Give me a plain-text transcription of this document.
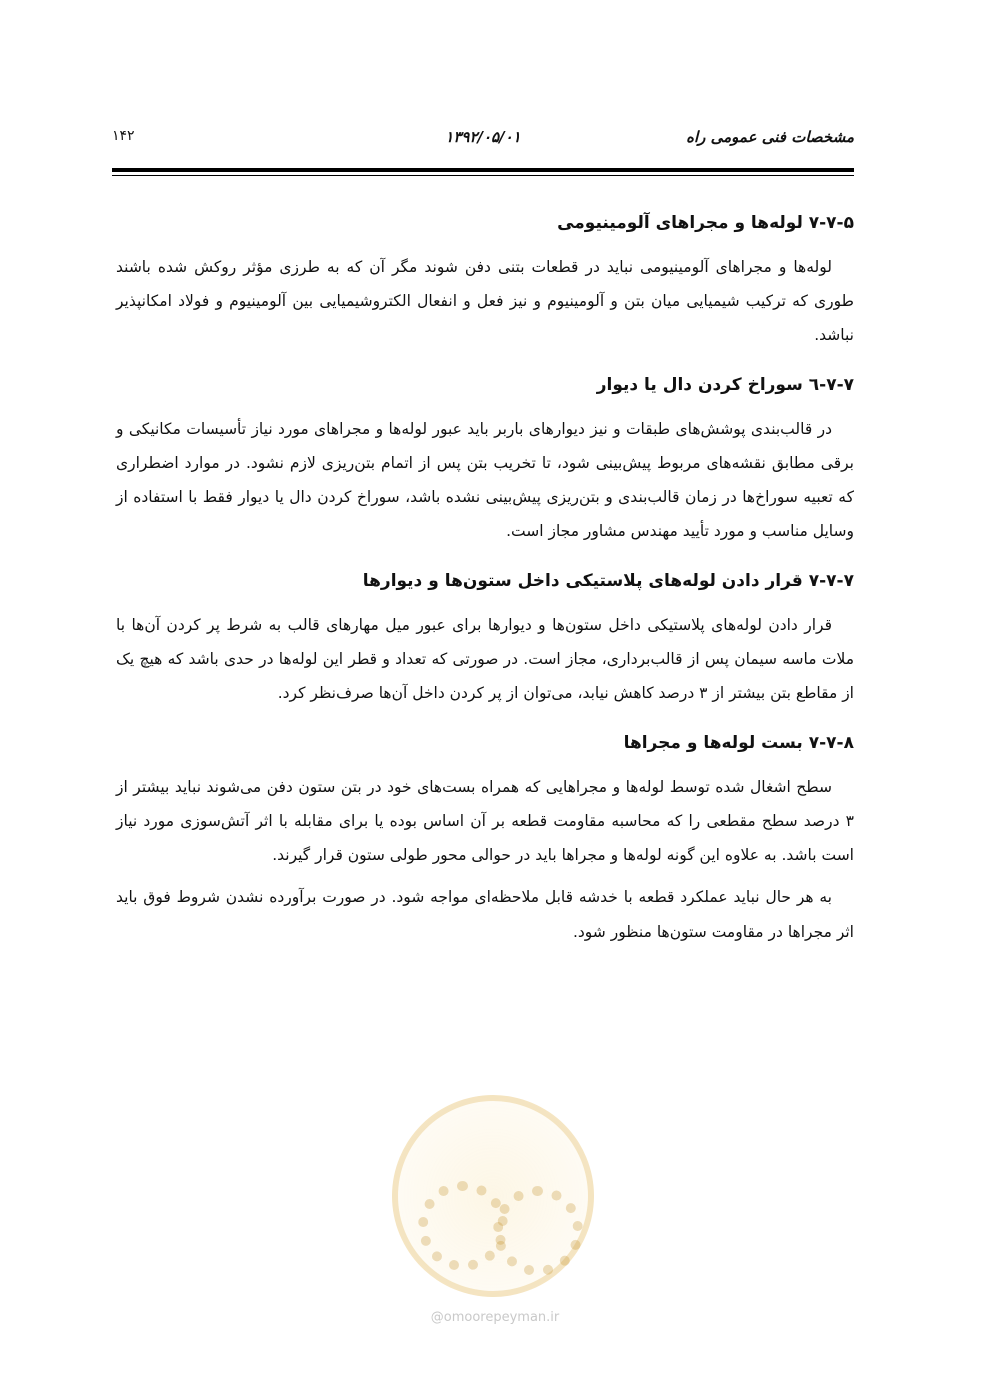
مشخصات فنی عمومی راه
۱۳۹۲/۰۵/۰۱
۱۴۲
@omoorepeyman.ir
۷-۷-۵ لوله‌ها و مجراهای آلومینیومی

لوله‌ها و مجراهای آلومینیومی نباید در قطعات بتنی دفن شوند مگر آن که به طرزی مؤثر روکش شده باشند طوری که ترکیب شیمیایی میان بتن و آلومینیوم و نیز فعل و انفعال الکتروشیمیایی بین آلومینیوم و فولاد امکانپذیر نباشد.

۷-۷-٦ سوراخ کردن دال یا دیوار

در قالب‌بندی پوشش‌های طبقات و نیز دیوارهای باربر باید عبور لوله‌ها و مجراهای مورد نیاز تأسیسات مکانیکی و برقی مطابق نقشه‌های مربوط پیش‌بینی شود، تا تخریب بتن پس از اتمام بتن‌ریزی لازم نشود. در موارد اضطراری که تعبیه سوراخ‌ها در زمان قالب‌بندی و بتن‌ریزی پیش‌بینی نشده باشد، سوراخ کردن دال یا دیوار فقط با استفاده از وسایل مناسب و مورد تأیید مهندس مشاور مجاز است.

۷-۷-۷ قرار دادن لوله‌های پلاستیکی داخل ستون‌ها و دیوارها

قرار دادن لوله‌های پلاستیکی داخل ستون‌ها و دیوارها برای عبور میل مهارهای قالب به شرط پر کردن آن‌ها با ملات ماسه سیمان پس از قالب‌برداری، مجاز است. در صورتی که تعداد و قطر این لوله‌ها در حدی باشد که هیچ یک از مقاطع بتن بیشتر از ۳ درصد کاهش نیابد، می‌توان از پر کردن داخل آن‌ها صرف‌نظر کرد.

۷-۷-۸ بست لوله‌ها و مجراها

سطح اشغال شده توسط لوله‌ها و مجراهایی که همراه بست‌های خود در بتن ستون دفن می‌شوند نباید بیشتر از ۳ درصد سطح مقطعی را که محاسبه مقاومت قطعه بر آن اساس بوده یا برای مقابله با اثر آتش‌سوزی مورد نیاز است باشد. به علاوه این گونه لوله‌ها و مجراها باید در حوالی محور طولی ستون قرار گیرند.

به هر حال نباید عملکرد قطعه با خدشه قابل ملاحظه‌ای مواجه شود. در صورت برآورده نشدن شروط فوق باید اثر مجراها در مقاومت ستون‌ها منظور شود.
